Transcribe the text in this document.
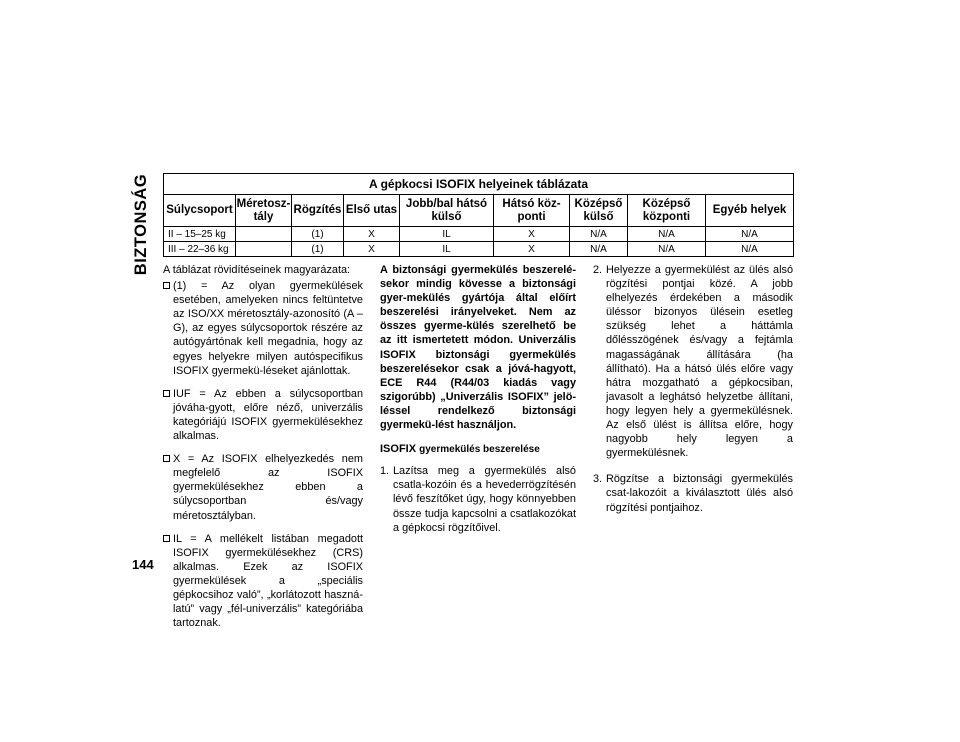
BIZTONSÁG
144
A gépkocsi ISOFIX helyeinek táblázata								
Súlycsoport	Méretosz-tály	Rögzítés	Első utas	Jobb/bal hátsó külső	Hátsó köz-ponti	Középső külső	Középső központi	Egyéb helyek
II – 15–25 kg		(1)	X	IL	X	N/A	N/A	N/A
III – 22–36 kg		(1)	X	IL	X	N/A	N/A	N/A

A táblázat rövidítéseinek magyarázata:

(1) = Az olyan gyermekülések esetében, amelyeken nincs feltüntetve az ISO/XX méretosztály-azonosító (A – G), az egyes súlycsoportok részére az autógyártónak kell megadnia, hogy az egyes helyekre milyen autóspecifikus ISOFIX gyermekü-léseket ajánlottak.

IUF = Az ebben a súlycsoportban jóváha-gyott, előre néző, univerzális kategóriájú ISOFIX gyermekülésekhez alkalmas.

X = Az ISOFIX elhelyezkedés nem megfelelő az ISOFIX gyermekülésekhez ebben a súlycsoportban és/vagy méretosztályban.

IL = A mellékelt listában megadott ISOFIX gyermekülésekhez (CRS) alkalmas. Ezek az ISOFIX gyermekülések a „speciális gépkocsihoz való”, „korlátozott haszná-latú” vagy „fél-univerzális” kategóriába tartoznak.

A biztonsági gyermekülés beszerelé-sekor mindig kövesse a biztonsági gyer-mekülés gyártója által előírt beszerelési irányelveket. Nem az összes gyerme-külés szerelhető be az itt ismertetett módon. Univerzális ISOFIX biztonsági gyermekülés beszerelésekor csak a jóvá-hagyott, ECE R44 (R44/03 kiadás vagy szigorúbb) „Univerzális ISOFIX” jelö-léssel rendelkező biztonsági gyermekü-lést használjon.

ISOFIX gyermekülés beszerelése
1. Lazítsa meg a gyermekülés alsó csatla-kozóin és a hevederrögzítésén lévő feszítőket úgy, hogy könnyebben össze tudja kapcsolni a csatlakozókat a gépkocsi rögzítőivel.

2. Helyezze a gyermekülést az ülés alsó rögzítési pontjai közé. A jobb elhelyezés érdekében a második üléssor bizonyos ülésein esetleg szükség lehet a háttámla dőlésszögének és/vagy a fejtámla magasságának állítására (ha állítható). Ha a hátsó ülés előre vagy hátra mozgatható a gépkocsiban, javasolt a leghátsó helyzetbe állítani, hogy legyen hely a gyermekülésnek. Az első ülést is állítsa előre, hogy nagyobb hely legyen a gyermekülésnek.

3. Rögzítse a biztonsági gyermekülés csat-lakozóit a kiválasztott ülés alsó rögzítési pontjaihoz.
